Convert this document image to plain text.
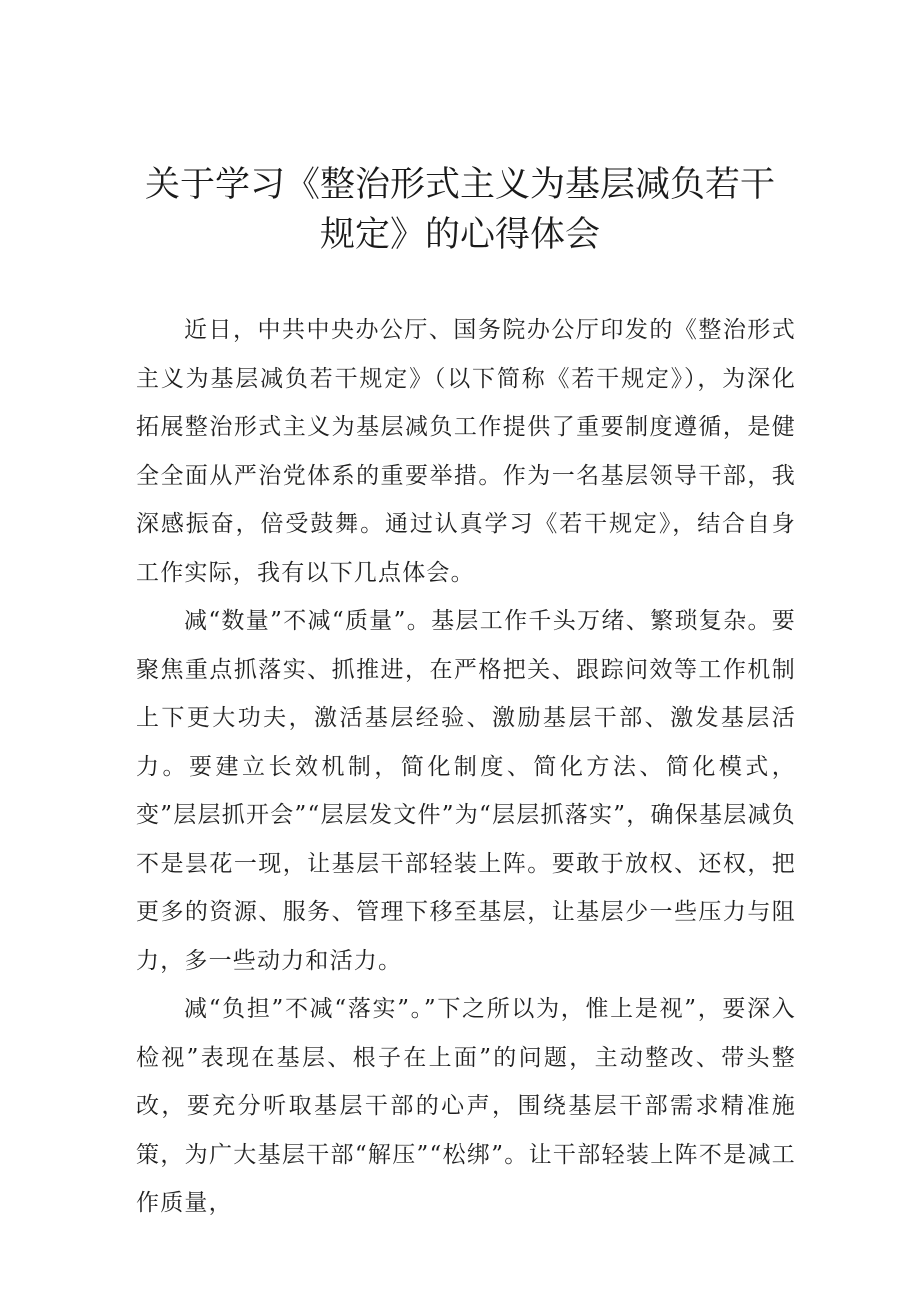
关于学习《整治形式主义为基层减负若干
规定》的心得体会

近日，中共中央办公厅、国务院办公厅印发的《整治形式主义为基层减负若干规定》（以下简称《若干规定》），为深化拓展整治形式主义为基层减负工作提供了重要制度遵循，是健全全面从严治党体系的重要举措。作为一名基层领导干部，我深感振奋，倍受鼓舞。通过认真学习《若干规定》，结合自身工作实际，我有以下几点体会。

减“数量”不减“质量”。基层工作千头万绪、繁琐复杂。要聚焦重点抓落实、抓推进，在严格把关、跟踪问效等工作机制上下更大功夫，激活基层经验、激励基层干部、激发基层活力。要建立长效机制，简化制度、简化方法、简化模式，变”层层抓开会”“层层发文件”为“层层抓落实”，确保基层减负不是昙花一现，让基层干部轻装上阵。要敢于放权、还权，把更多的资源、服务、管理下移至基层，让基层少一些压力与阻力，多一些动力和活力。

减“负担”不减“落实”。”下之所以为，惟上是视”，要深入检视”表现在基层、根子在上面”的问题，主动整改、带头整改，要充分听取基层干部的心声，围绕基层干部需求精准施策，为广大基层干部“解压”“松绑”。让干部轻装上阵不是减工作质量，
